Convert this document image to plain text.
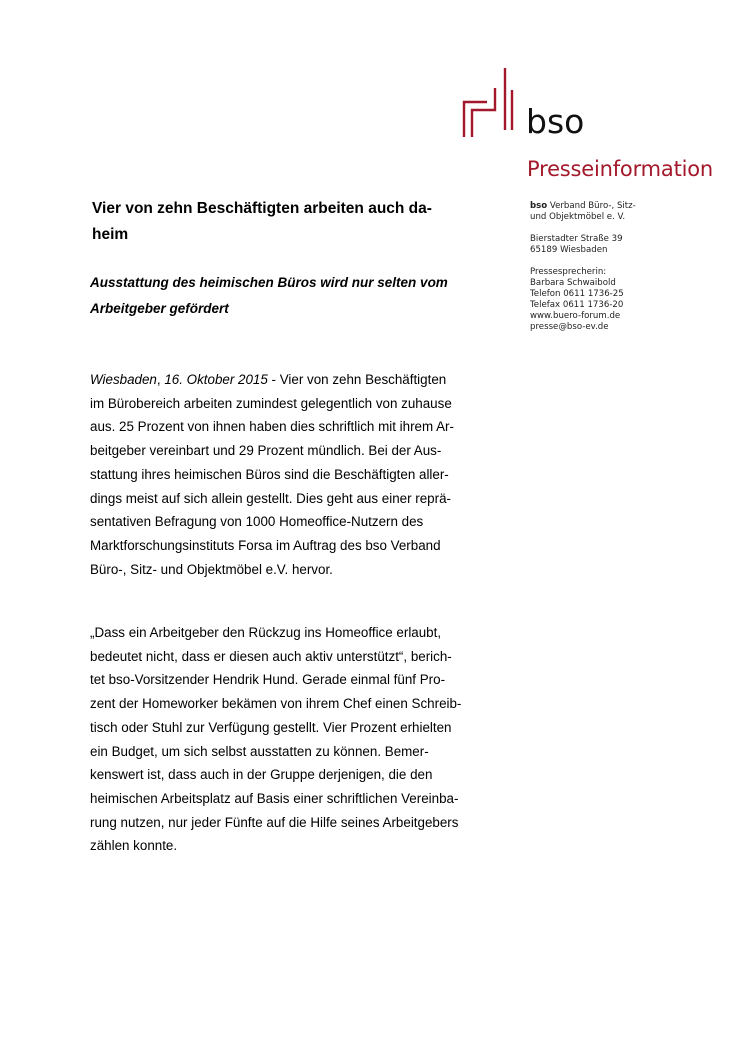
bso
Presseinformation
bso Verband Büro-, Sitz-
und Objektmöbel e. V.
Bierstadter Straße 39
65189 Wiesbaden
Pressesprecherin:
Barbara Schwaibold
Telefon 0611 1736-25
Telefax 0611 1736-20
www.buero-forum.de
presse@bso-ev.de
Vier von zehn Beschäftigten arbeiten auch da-
heim
Ausstattung des heimischen Büros wird nur selten vom
Arbeitgeber gefördert
Wiesbaden, 16. Oktober 2015 - Vier von zehn Beschäftigten
im Bürobereich arbeiten zumindest gelegentlich von zuhause
aus. 25 Prozent von ihnen haben dies schriftlich mit ihrem Ar-
beitgeber vereinbart und 29 Prozent mündlich. Bei der Aus-
stattung ihres heimischen Büros sind die Beschäftigten aller-
dings meist auf sich allein gestellt. Dies geht aus einer reprä-
sentativen Befragung von 1000 Homeoffice-Nutzern des
Marktforschungsinstituts Forsa im Auftrag des bso Verband
Büro-, Sitz- und Objektmöbel e.V. hervor.
„Dass ein Arbeitgeber den Rückzug ins Homeoffice erlaubt,
bedeutet nicht, dass er diesen auch aktiv unterstützt“, berich-
tet bso-Vorsitzender Hendrik Hund. Gerade einmal fünf Pro-
zent der Homeworker bekämen von ihrem Chef einen Schreib-
tisch oder Stuhl zur Verfügung gestellt. Vier Prozent erhielten
ein Budget, um sich selbst ausstatten zu können. Bemer-
kenswert ist, dass auch in der Gruppe derjenigen, die den
heimischen Arbeitsplatz auf Basis einer schriftlichen Vereinba-
rung nutzen, nur jeder Fünfte auf die Hilfe seines Arbeitgebers
zählen konnte.
